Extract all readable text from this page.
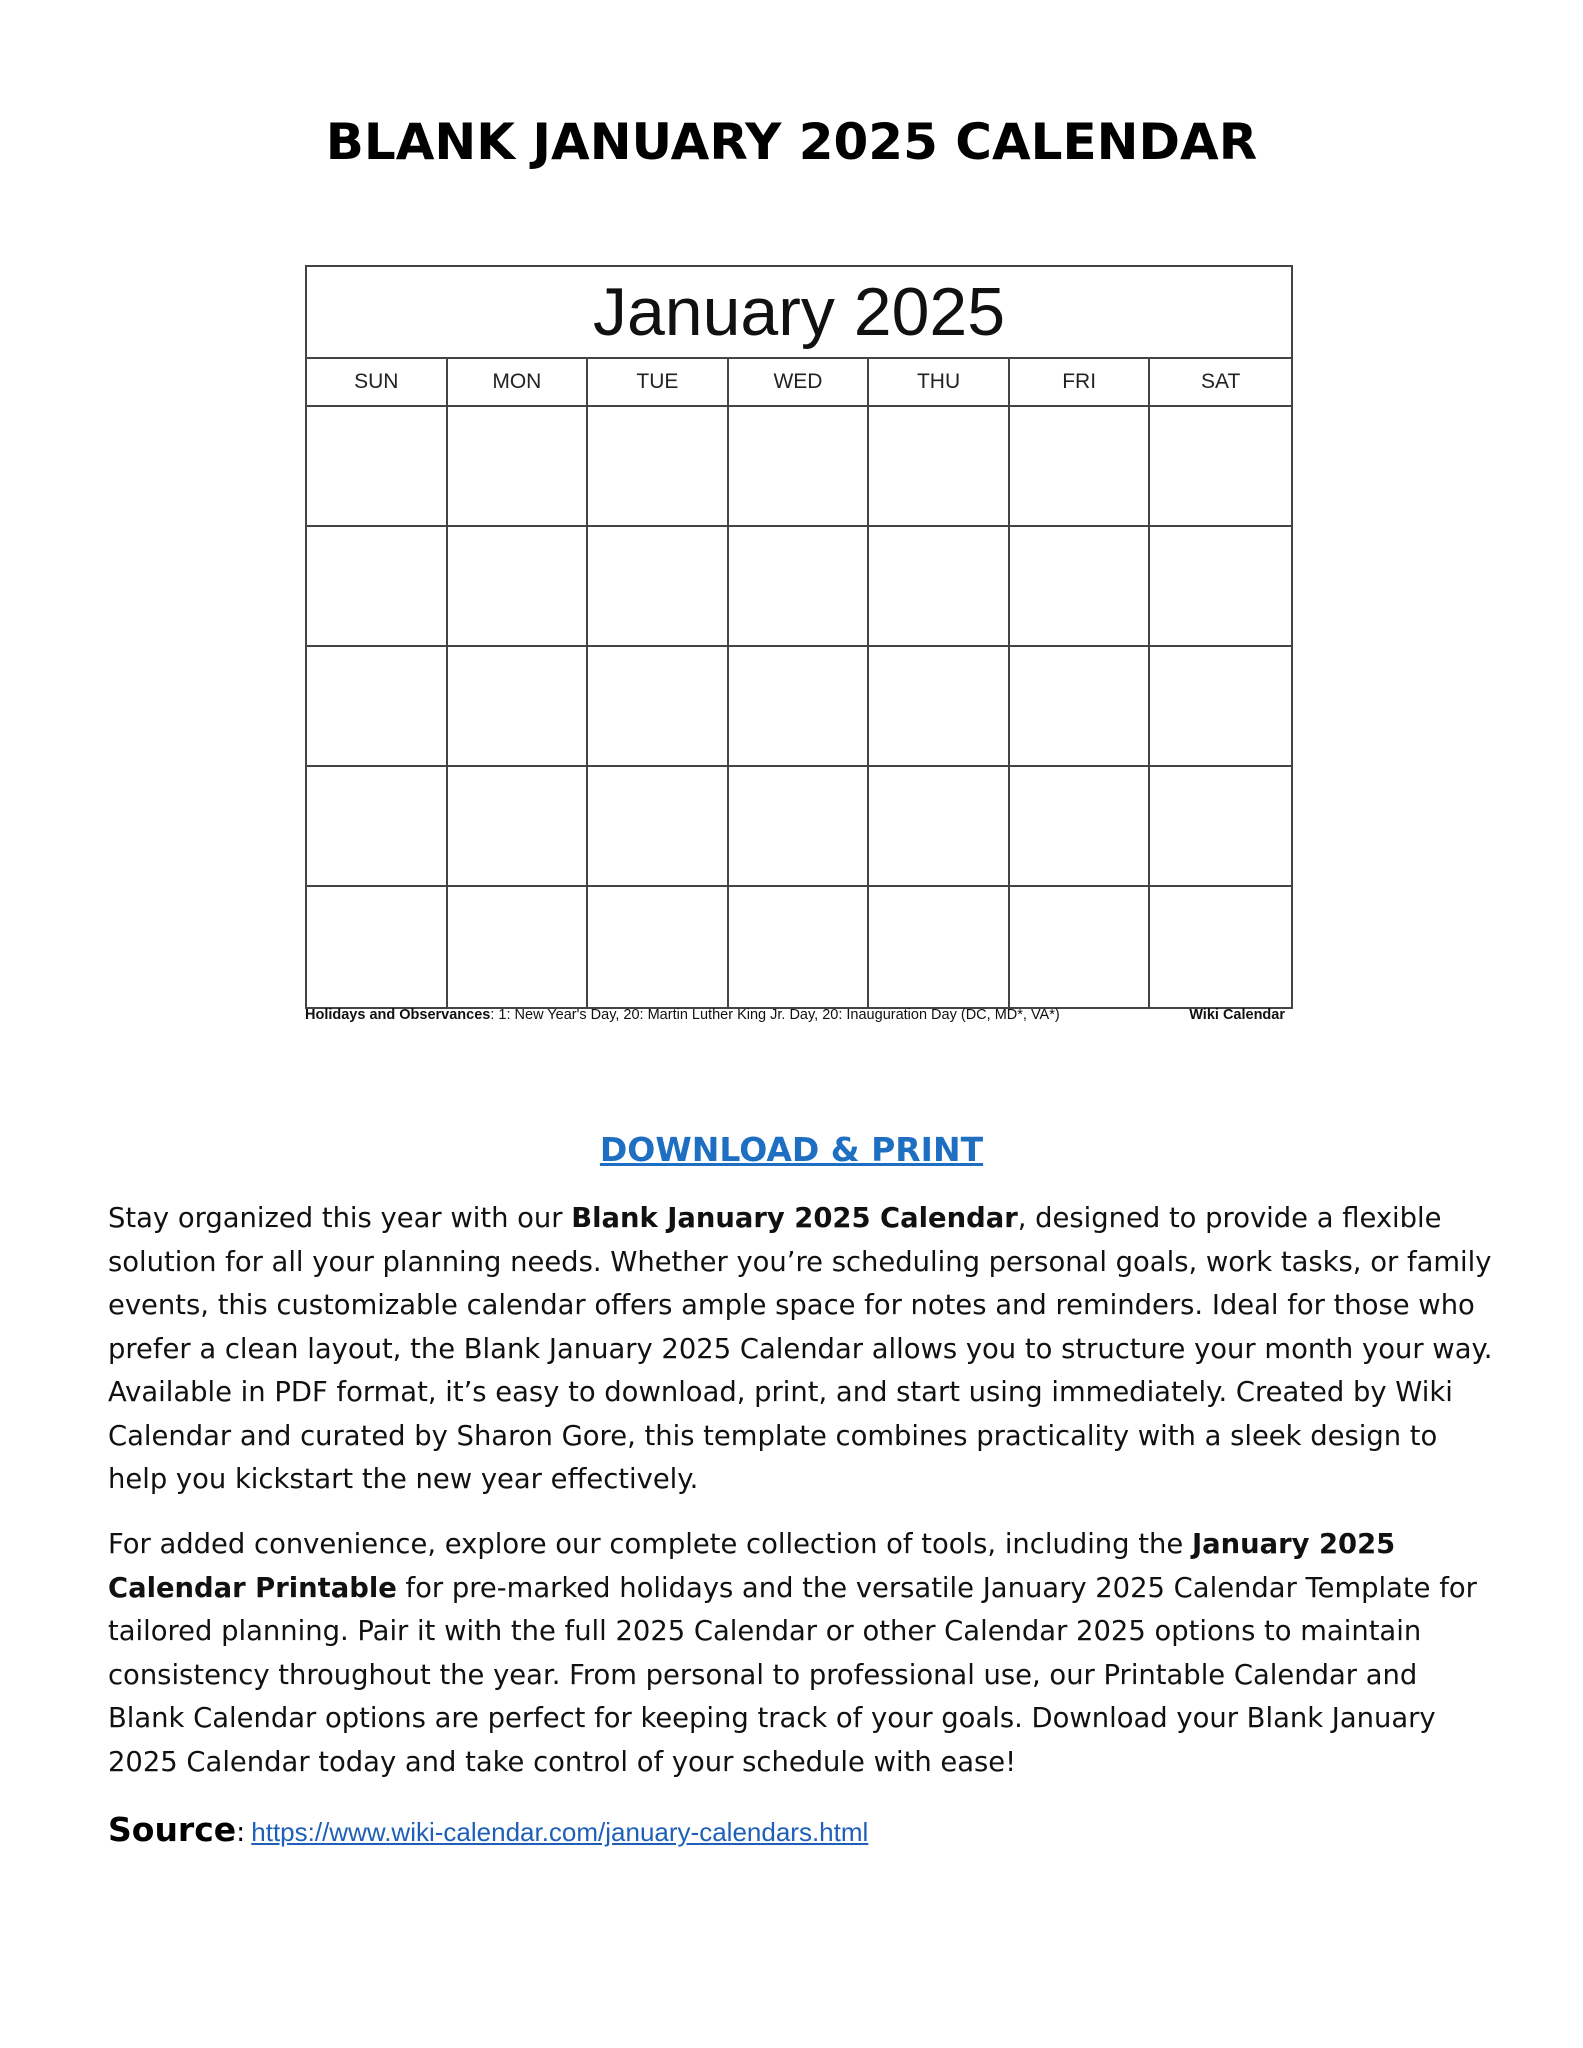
BLANK JANUARY 2025 CALENDAR
January 2025
SUN	MON	TUE	WED	THU	FRI	SAT
Holidays and Observances: 1: New Year's Day, 20: Martin Luther King Jr. Day, 20: Inauguration Day (DC, MD*, VA*)	Wiki Calendar
DOWNLOAD & PRINT
Stay organized this year with our Blank January 2025 Calendar, designed to provide a flexible solution for all your planning needs. Whether you’re scheduling personal goals, work tasks, or family events, this customizable calendar offers ample space for notes and reminders. Ideal for those who prefer a clean layout, the Blank January 2025 Calendar allows you to structure your month your way. Available in PDF format, it’s easy to download, print, and start using immediately. Created by Wiki Calendar and curated by Sharon Gore, this template combines practicality with a sleek design to help you kickstart the new year effectively.
For added convenience, explore our complete collection of tools, including the January 2025 Calendar Printable for pre-marked holidays and the versatile January 2025 Calendar Template for tailored planning. Pair it with the full 2025 Calendar or other Calendar 2025 options to maintain consistency throughout the year. From personal to professional use, our Printable Calendar and Blank Calendar options are perfect for keeping track of your goals. Download your Blank January 2025 Calendar today and take control of your schedule with ease!
Source: https://www.wiki-calendar.com/january-calendars.html
